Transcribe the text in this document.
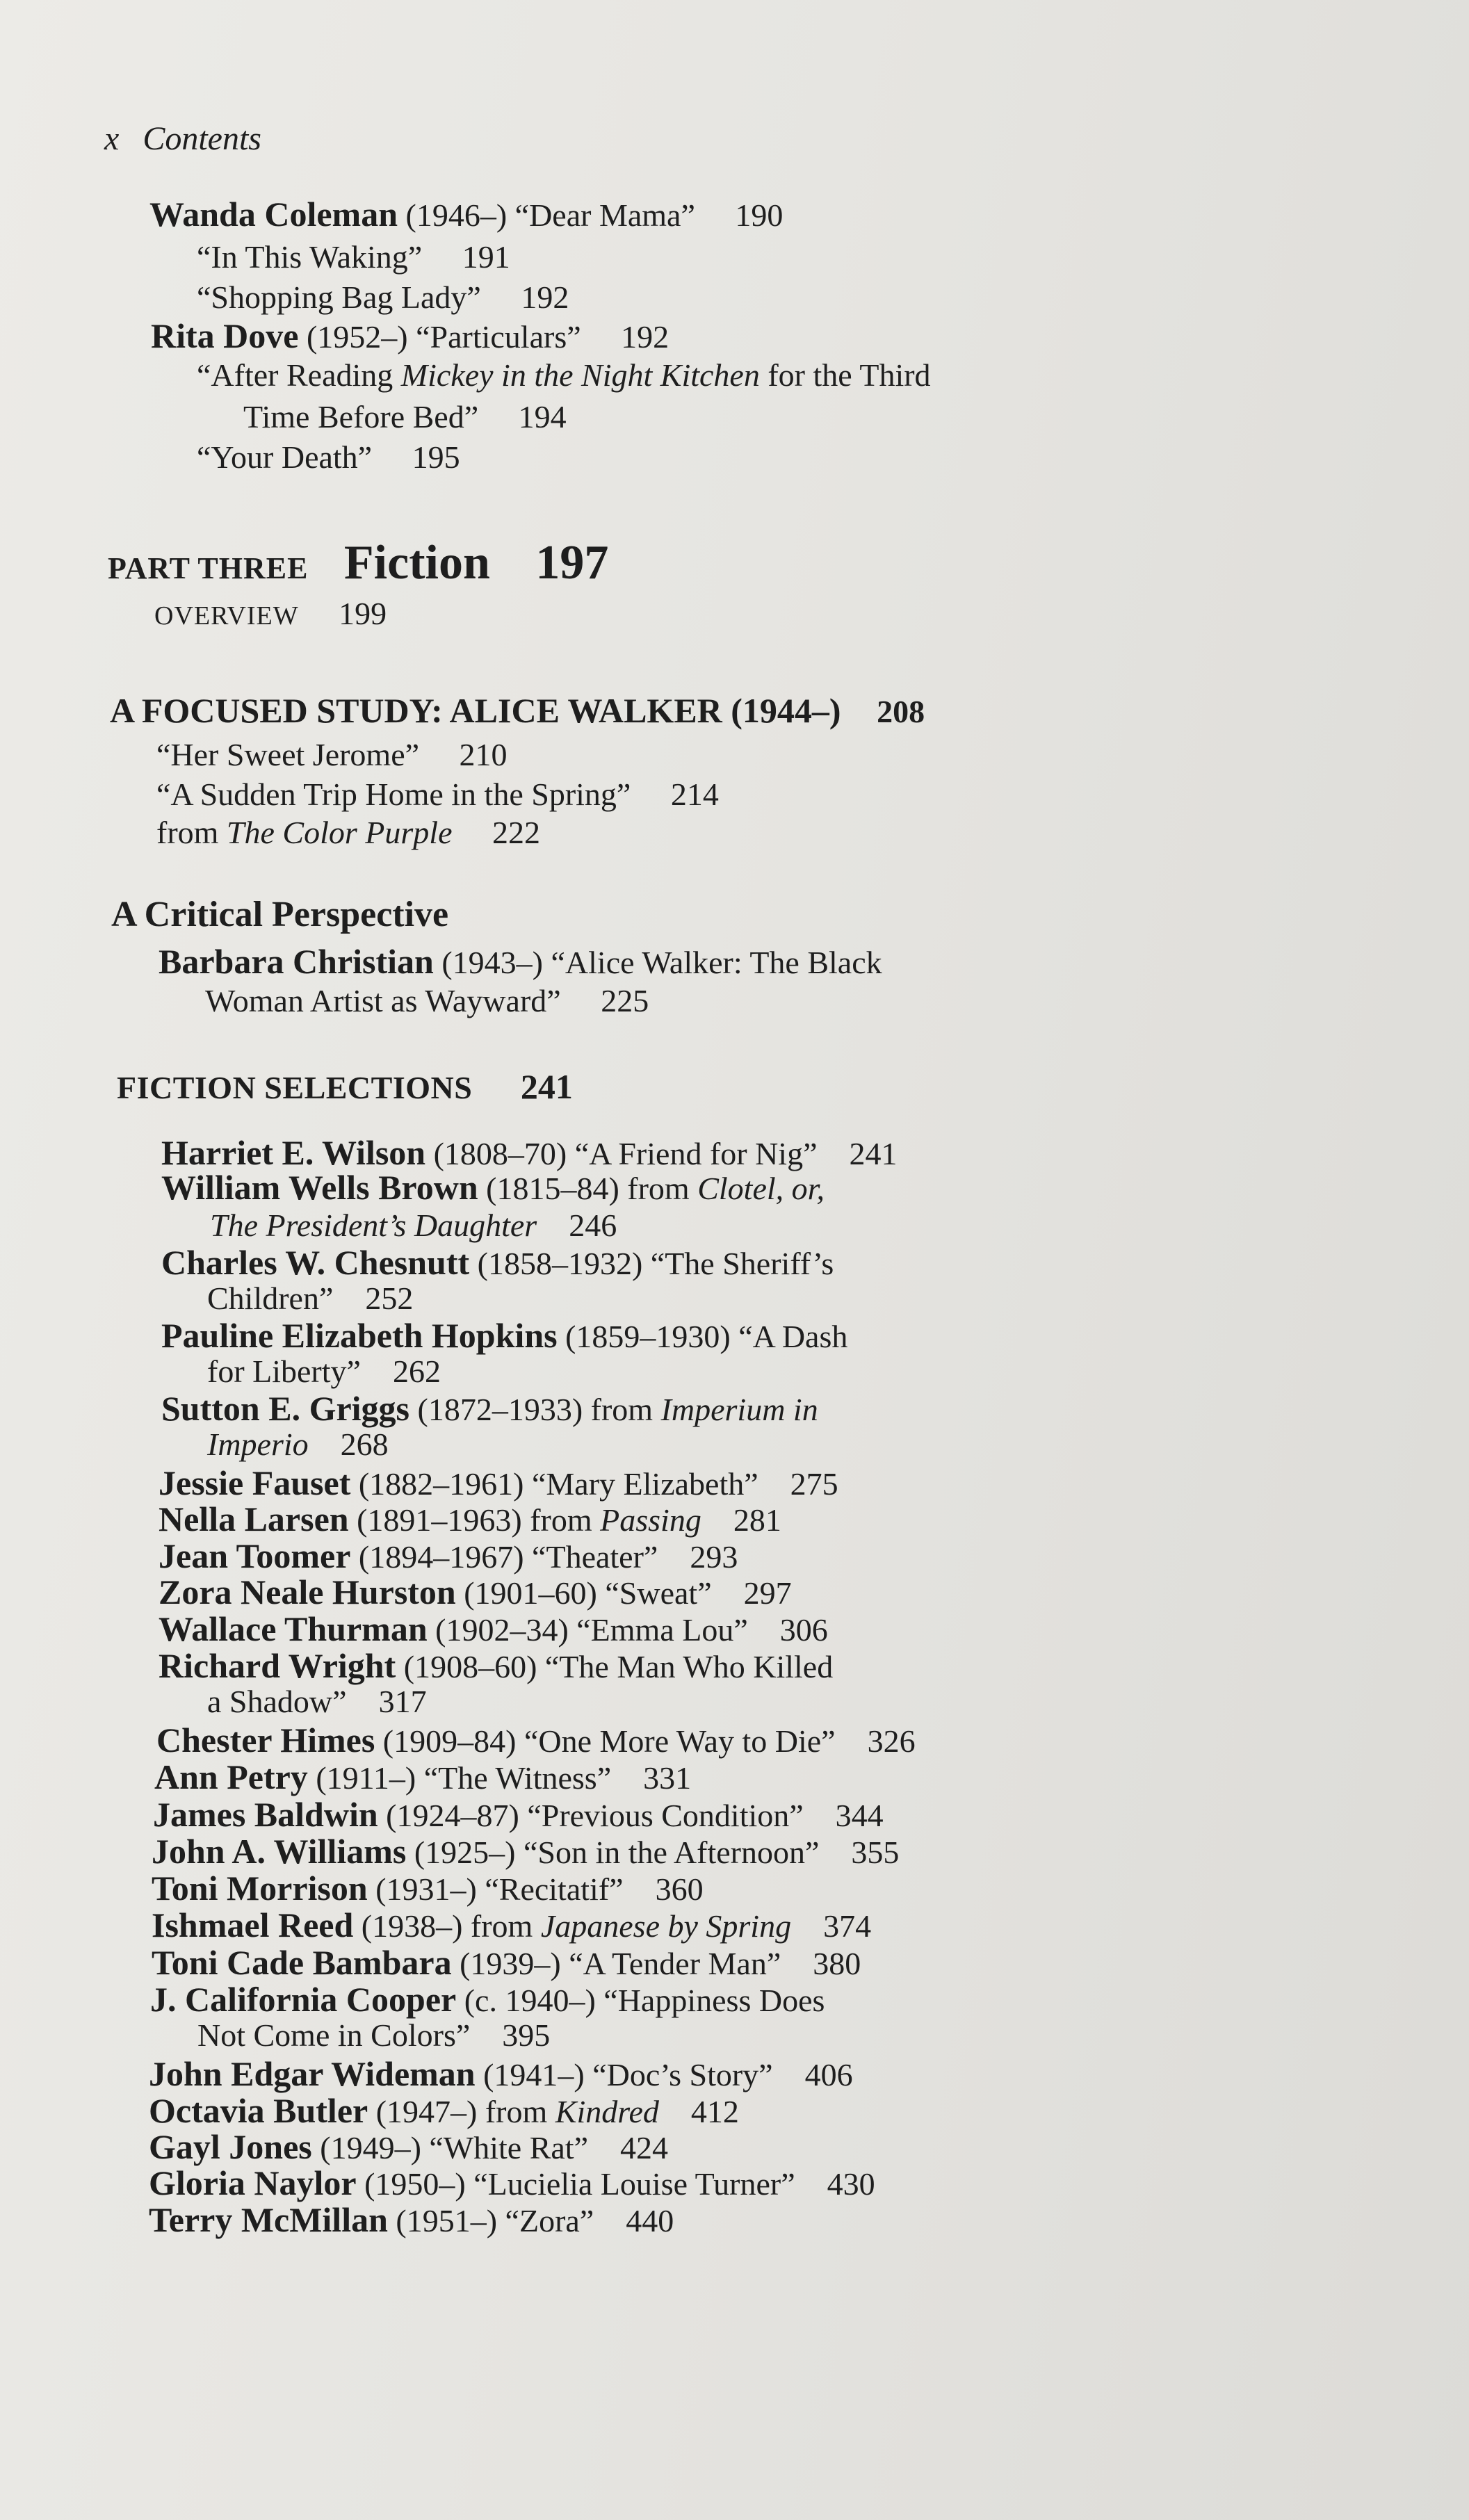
x Contents
Wanda Coleman (1946–) “Dear Mama” 190
“In This Waking” 191
“Shopping Bag Lady” 192
Rita Dove (1952–) “Particulars” 192
“After Reading Mickey in the Night Kitchen for the Third
Time Before Bed” 194
“Your Death” 195
PART THREE Fiction 197
OVERVIEW 199
A FOCUSED STUDY: ALICE WALKER (1944–) 208
“Her Sweet Jerome” 210
“A Sudden Trip Home in the Spring” 214
from The Color Purple 222
A Critical Perspective
Barbara Christian (1943–) “Alice Walker: The Black
Woman Artist as Wayward” 225
FICTION SELECTIONS 241
Harriet E. Wilson (1808–70) “A Friend for Nig” 241
William Wells Brown (1815–84) from Clotel, or,
The President’s Daughter 246
Charles W. Chesnutt (1858–1932) “The Sheriff’s
Children” 252
Pauline Elizabeth Hopkins (1859–1930) “A Dash
for Liberty” 262
Sutton E. Griggs (1872–1933) from Imperium in
Imperio 268
Jessie Fauset (1882–1961) “Mary Elizabeth” 275
Nella Larsen (1891–1963) from Passing 281
Jean Toomer (1894–1967) “Theater” 293
Zora Neale Hurston (1901–60) “Sweat” 297
Wallace Thurman (1902–34) “Emma Lou” 306
Richard Wright (1908–60) “The Man Who Killed
a Shadow” 317
Chester Himes (1909–84) “One More Way to Die” 326
Ann Petry (1911–) “The Witness” 331
James Baldwin (1924–87) “Previous Condition” 344
John A. Williams (1925–) “Son in the Afternoon” 355
Toni Morrison (1931–) “Recitatif” 360
Ishmael Reed (1938–) from Japanese by Spring 374
Toni Cade Bambara (1939–) “A Tender Man” 380
J. California Cooper (c. 1940–) “Happiness Does
Not Come in Colors” 395
John Edgar Wideman (1941–) “Doc’s Story” 406
Octavia Butler (1947–) from Kindred 412
Gayl Jones (1949–) “White Rat” 424
Gloria Naylor (1950–) “Lucielia Louise Turner” 430
Terry McMillan (1951–) “Zora” 440
